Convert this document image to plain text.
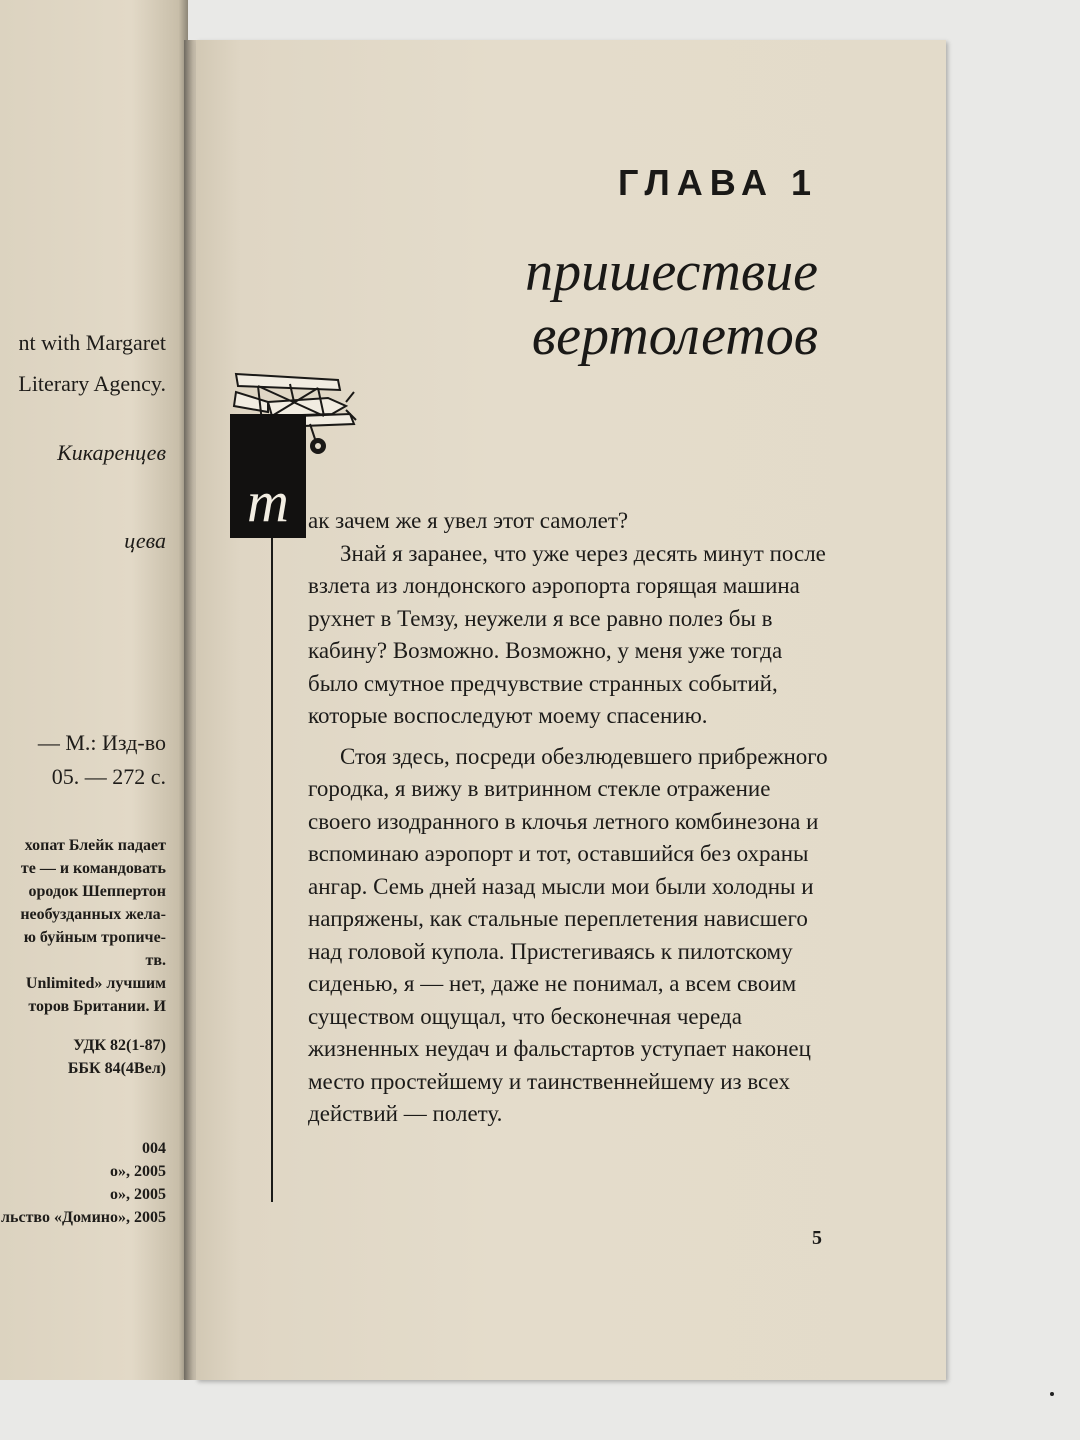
nt with Margaret
Literary Agency.
Кикаренцев
цева
— М.: Изд-во
05. — 272 с.
хопат Блейк падает
те — и командовать
ородок Шеппертон
необузданных жела-
ю буйным тропиче-
тв.
Unlimited» лучшим
торов Британии. И
УДК 82(1-87)
ББК 84(4Вел)
004
о», 2005
о», 2005
льство «Домино», 2005
ГЛАВА 1
пришествие
вертолетов
т ак зачем же я увел этот самолет?

Знай я заранее, что уже через десять минут после взлета из лондонского аэропорта горящая машина рухнет в Темзу, неужели я все равно полез бы в кабину? Возможно. Возможно, у меня уже тогда было смутное предчувствие странных событий, которые воспоследуют моему спасению.

Стоя здесь, посреди обезлюдевшего прибрежного городка, я вижу в витринном стекле отражение своего изодранного в клочья летного комбинезона и вспоминаю аэропорт и тот, оставшийся без охраны ангар. Семь дней назад мысли мои были холодны и напряжены, как стальные переплетения нависшего над головой купола. Пристегиваясь к пилотскому сиденью, я — нет, даже не понимал, а всем своим существом ощущал, что бесконечная череда жизненных неудач и фальстартов уступает наконец место простейшему и таинственнейшему из всех действий — полету.

5
